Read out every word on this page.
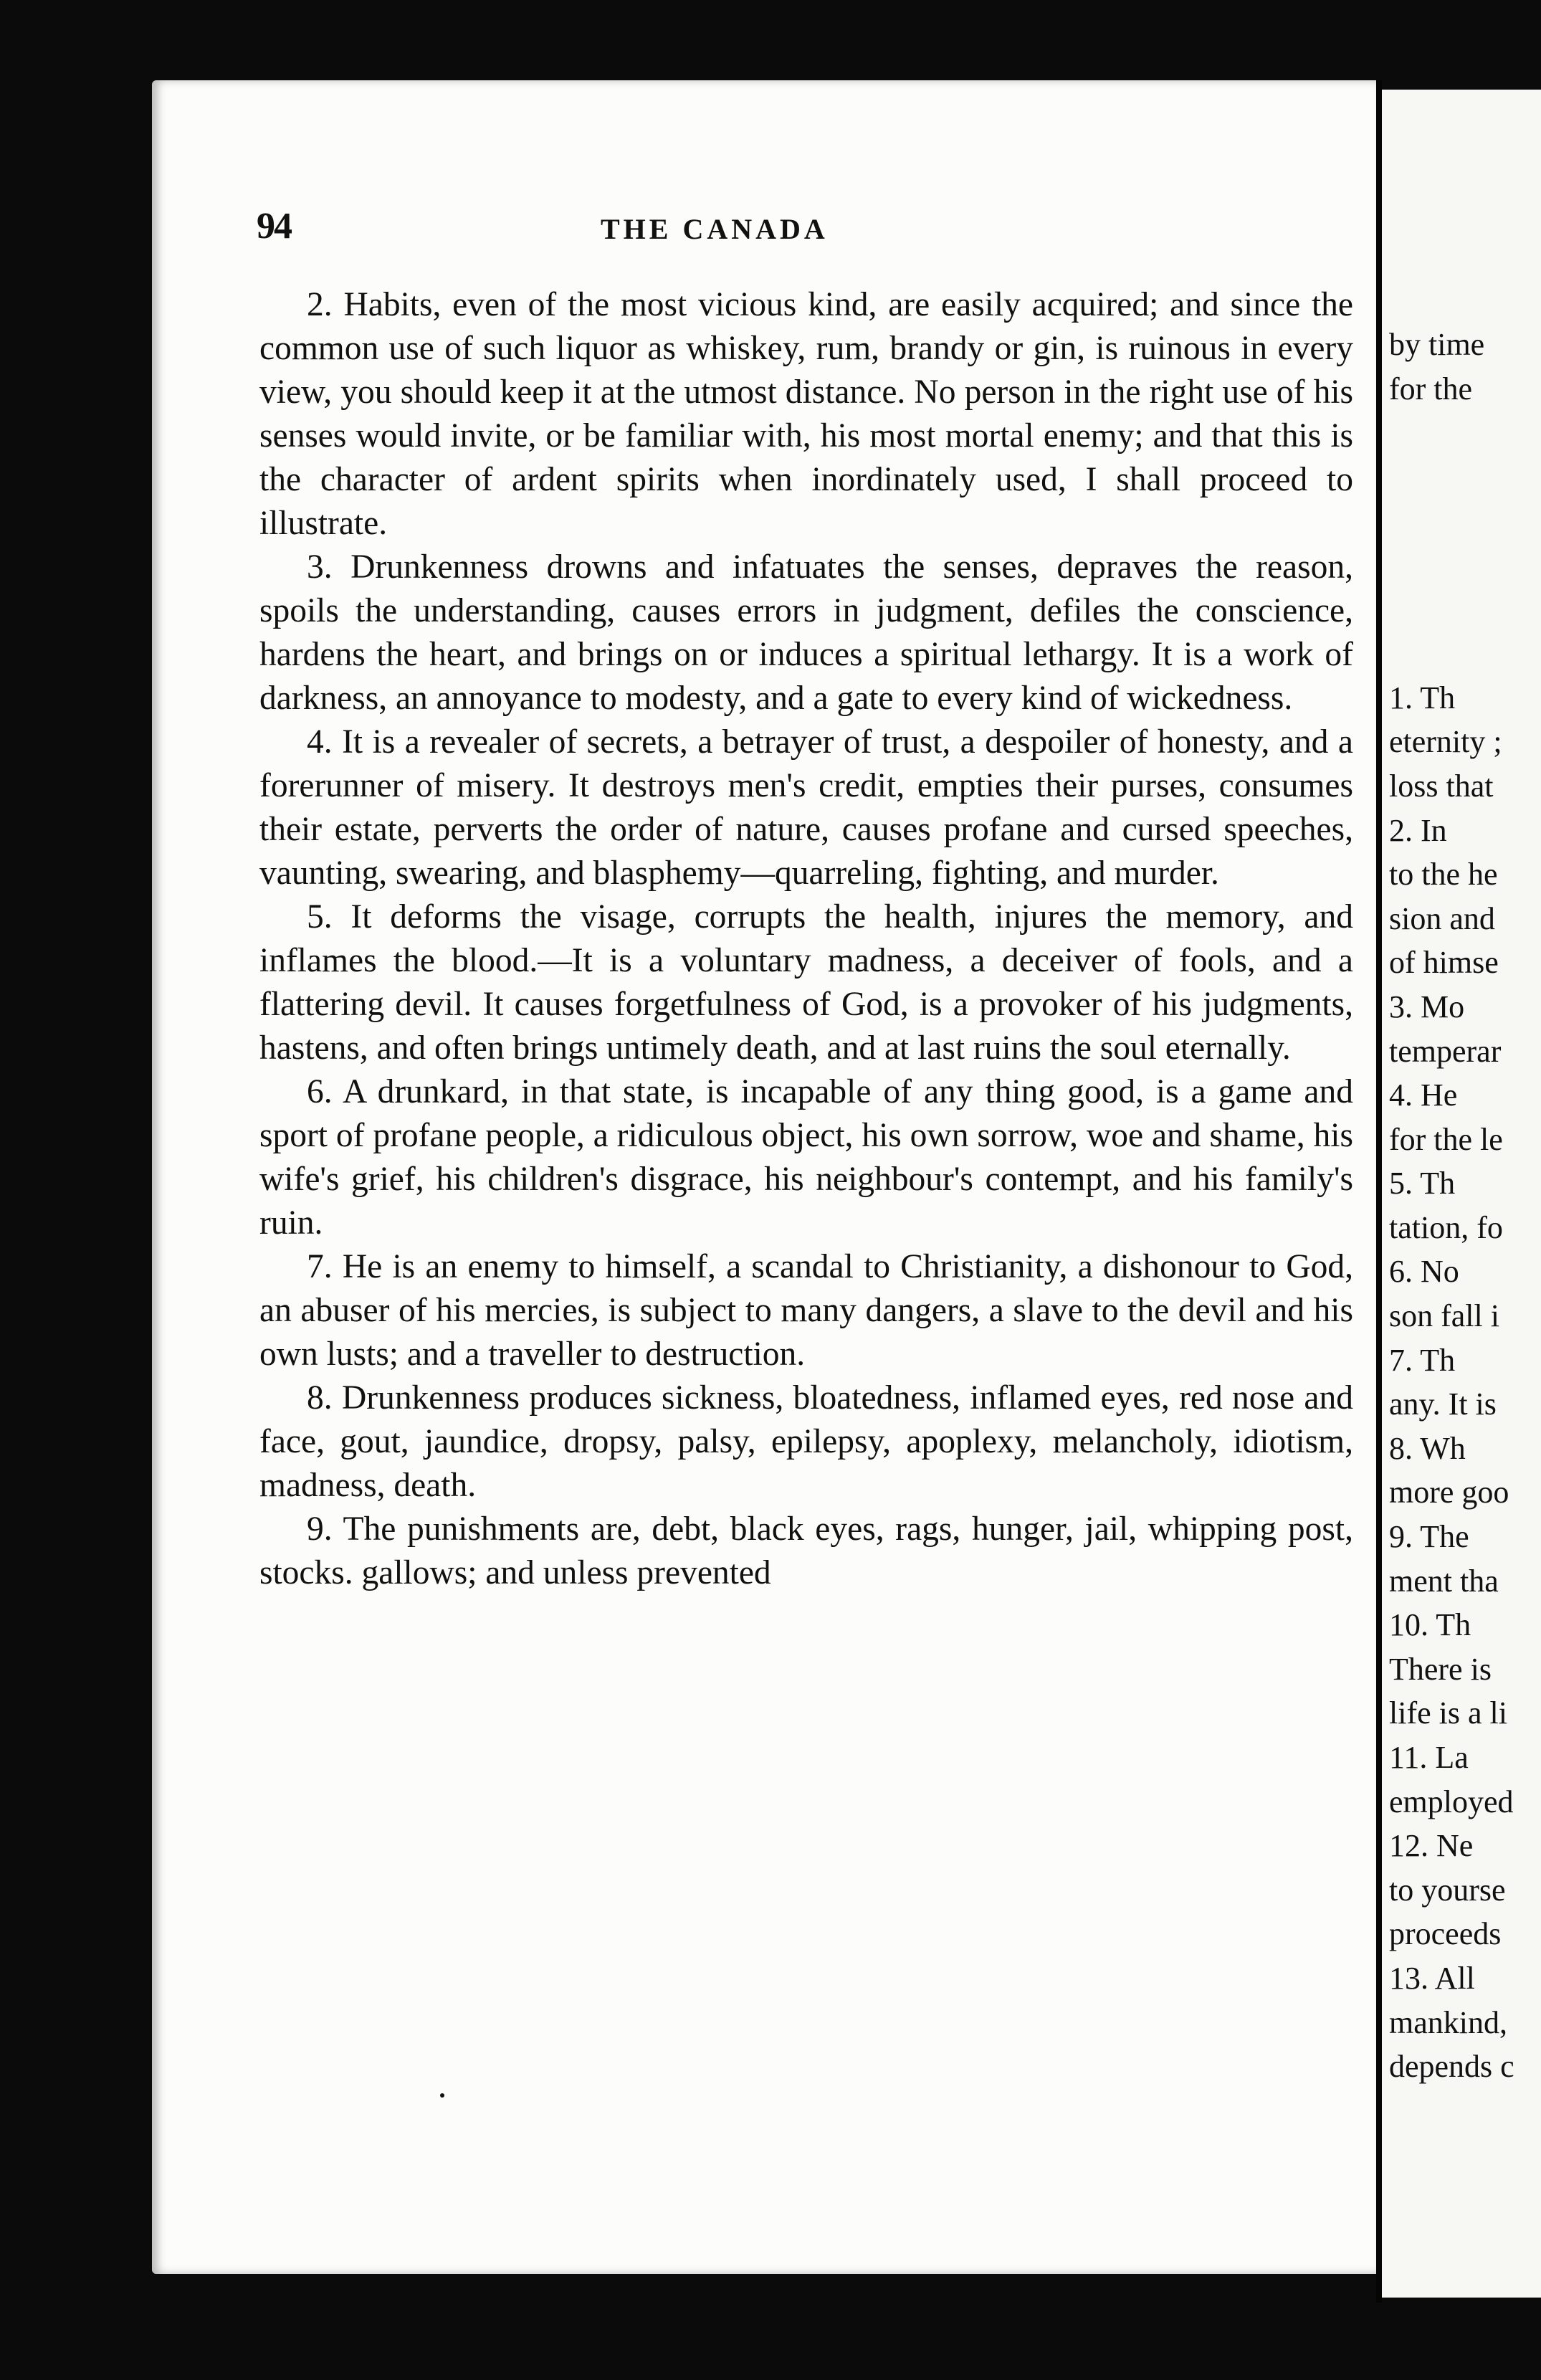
94	THE CANADA

2. Habits, even of the most vicious kind, are easily acquired; and since the common use of such liquor as whiskey, rum, brandy or gin, is ruinous in every view, you should keep it at the utmost distance. No person in the right use of his senses would invite, or be familiar with, his most mortal enemy; and that this is the character of ardent spirits when inordinately used, I shall proceed to illustrate.

3. Drunkenness drowns and infatuates the senses, depraves the reason, spoils the understanding, causes errors in judgment, defiles the conscience, hardens the heart, and brings on or induces a spiritual lethargy. It is a work of darkness, an annoyance to modesty, and a gate to every kind of wickedness.

4. It is a revealer of secrets, a betrayer of trust, a despoiler of honesty, and a forerunner of misery. It destroys men's credit, empties their purses, consumes their estate, perverts the order of nature, causes profane and cursed speeches, vaunting, swearing, and blasphemy—quarreling, fighting, and murder.

5. It deforms the visage, corrupts the health, injures the memory, and inflames the blood.—It is a voluntary madness, a deceiver of fools, and a flattering devil. It causes forgetfulness of God, is a provoker of his judgments, hastens, and often brings untimely death, and at last ruins the soul eternally.

6. A drunkard, in that state, is incapable of any thing good, is a game and sport of profane people, a ridiculous object, his own sorrow, woe and shame, his wife's grief, his children's disgrace, his neighbour's contempt, and his family's ruin.

7. He is an enemy to himself, a scandal to Christianity, a dishonour to God, an abuser of his mercies, is subject to many dangers, a slave to the devil and his own lusts; and a traveller to destruction.

8. Drunkenness produces sickness, bloatedness, inflamed eyes, red nose and face, gout, jaundice, dropsy, palsy, epilepsy, apoplexy, melancholy, idiotism, madness, death.

9. The punishments are, debt, black eyes, rags, hunger, jail, whipping post, stocks. gallows; and unless prevented

by time
for the
1. Th
eternity ;
loss that
2. In
to the he
sion and
of himse
3. Mo
temperar
4. He
for the le
5. Th
tation, fo
6. No
son fall i
7. Th
any. It is
8. Wh
more goo
9. The
ment tha
10. Th
There is
life is a li
11. La
employed
12. Ne
to yourse
proceeds
13. All
mankind,
depends c
